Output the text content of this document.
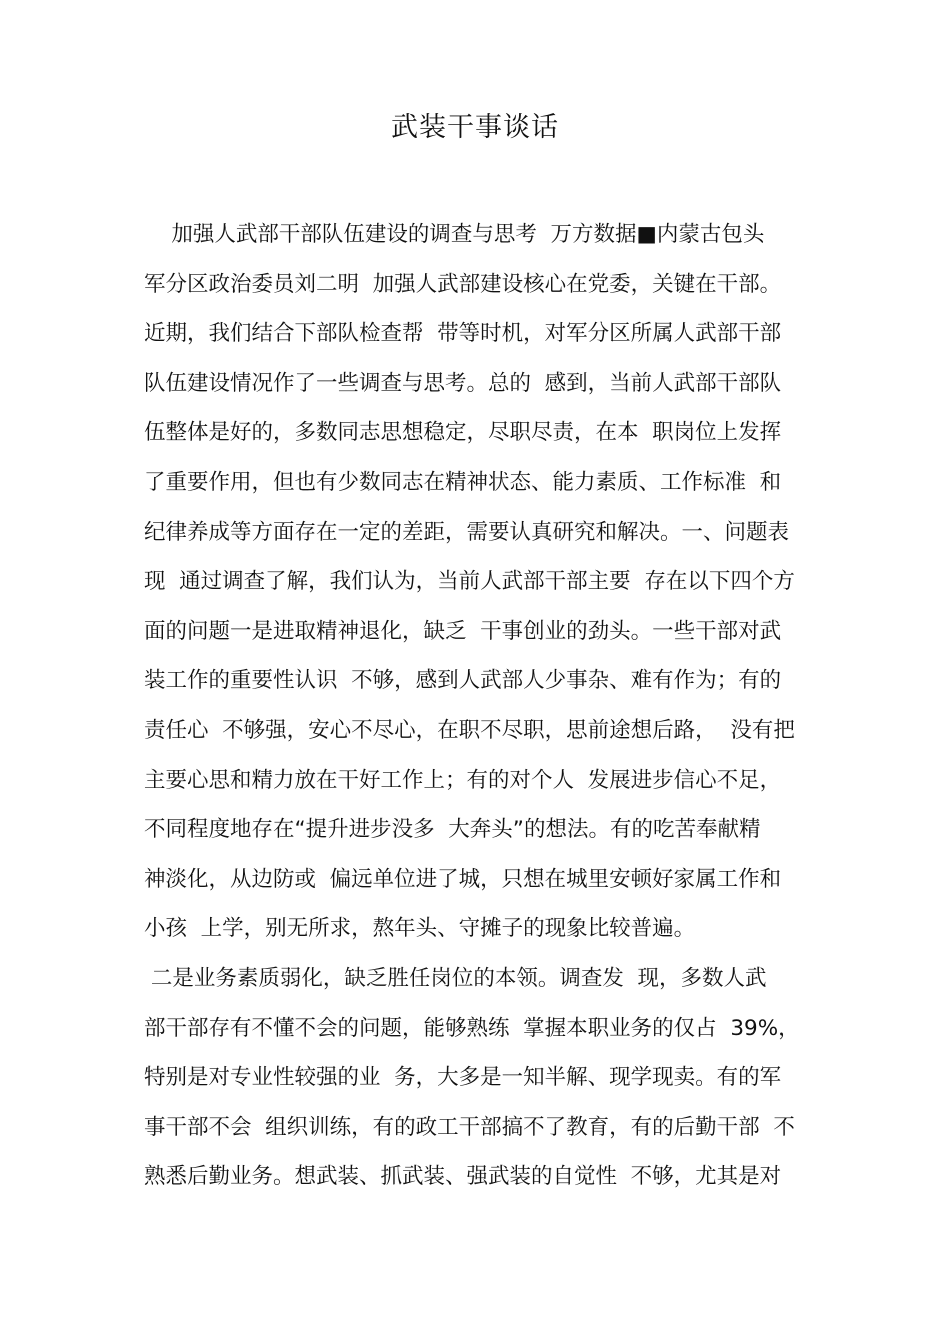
武装干事谈话
加强人武部干部队伍建设的调查与思考  万方数据■内蒙古包头
军分区政治委员刘二明  加强人武部建设核心在党委，关键在干部。
近期，我们结合下部队检查帮  带等时机，对军分区所属人武部干部
队伍建设情况作了一些调查与思考。总的  感到，当前人武部干部队
伍整体是好的，多数同志思想稳定，尽职尽责，在本  职岗位上发挥
了重要作用，但也有少数同志在精神状态、能力素质、工作标准  和
纪律养成等方面存在一定的差距，需要认真研究和解决。一、问题表
现  通过调查了解，我们认为，当前人武部干部主要  存在以下四个方
面的问题一是进取精神退化，缺乏  干事创业的劲头。一些干部对武
装工作的重要性认识  不够，感到人武部人少事杂、难有作为；有的
责任心  不够强，安心不尽心，在职不尽职，思前途想后路，  没有把
主要心思和精力放在干好工作上；有的对个人  发展进步信心不足，
不同程度地存在“提升进步没多  大奔头”的想法。有的吃苦奉献精
神淡化，从边防或  偏远单位进了城，只想在城里安顿好家属工作和
小孩  上学，别无所求，熬年头、守摊子的现象比较普遍。
二是业务素质弱化，缺乏胜任岗位的本领。调查发  现，多数人武
部干部存有不懂不会的问题，能够熟练  掌握本职业务的仅占  39%，
特别是对专业性较强的业  务，大多是一知半解、现学现卖。有的军
事干部不会  组织训练，有的政工干部搞不了教育，有的后勤干部  不
熟悉后勤业务。想武装、抓武装、强武装的自觉性  不够，尤其是对
